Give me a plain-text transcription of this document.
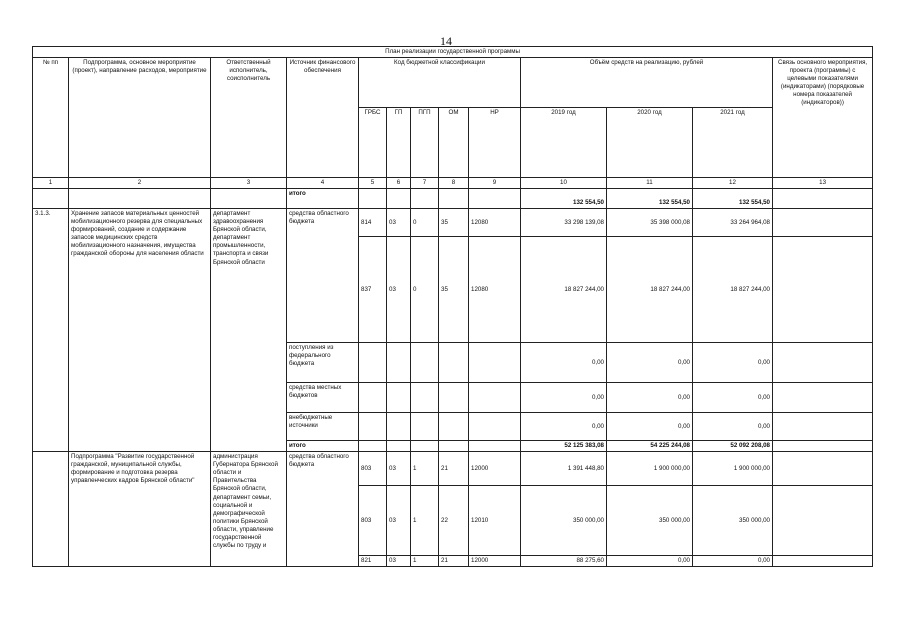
14
План реализации государственной программы												
№ пп	Подпрограмма, основное мероприятие (проект), направление расходов, мероприятие	Ответственный исполнитель, соисполнитель	Источник финансового обеспечения	Код бюджетной классификации					Объём средств на реализацию, рублей			Связь основного мероприятия, проекта (программы) с целевыми показателями (индикаторами) (порядковые номера показателей (индикаторов))
				ГРБС	ГП	ПГП	ОМ	НР	2019 год	2020 год	2021 год	
1	2	3	4	5	6	7	8	9	10	11	12	13
			итого						132 554,50	132 554,50	132 554,50	
3.1.3.	Хранение запасов материальных ценностей мобилизационного резерва для специальных формирований, создание и содержание запасов медицинских средств мобилизационного назначения, имущества гражданской обороны для населения области	департамент здравоохранения Брянской области, департамент промышленности, транспорта и связи Брянской области	средства областного бюджета	814	03	0	35	12080	33 298 139,08	35 398 000,08	33 264 964,08	
				837	03	0	35	12080	18 827 244,00	18 827 244,00	18 827 244,00	
			поступления из федерального бюджета						0,00	0,00	0,00	
			средства местных бюджетов						0,00	0,00	0,00	
			внебюджетные источники						0,00	0,00	0,00	
			итого						52 125 383,08	54 225 244,08	52 092 208,08	
	Подпрограмма "Развитие государственной гражданской, муниципальной службы, формирование и подготовка резерва управленческих кадров Брянской области"	администрация Губернатора Брянской области и Правительства Брянской области, департамент семьи, социальной и демографической политики Брянской области, управление государственной службы по труду и	средства областного бюджета	803	03	1	21	12000	1 391 448,80	1 900 000,00	1 900 000,00	
				803	03	1	22	12010	350 000,00	350 000,00	350 000,00	
				821	03	1	21	12000	88 275,60	0,00	0,00	
